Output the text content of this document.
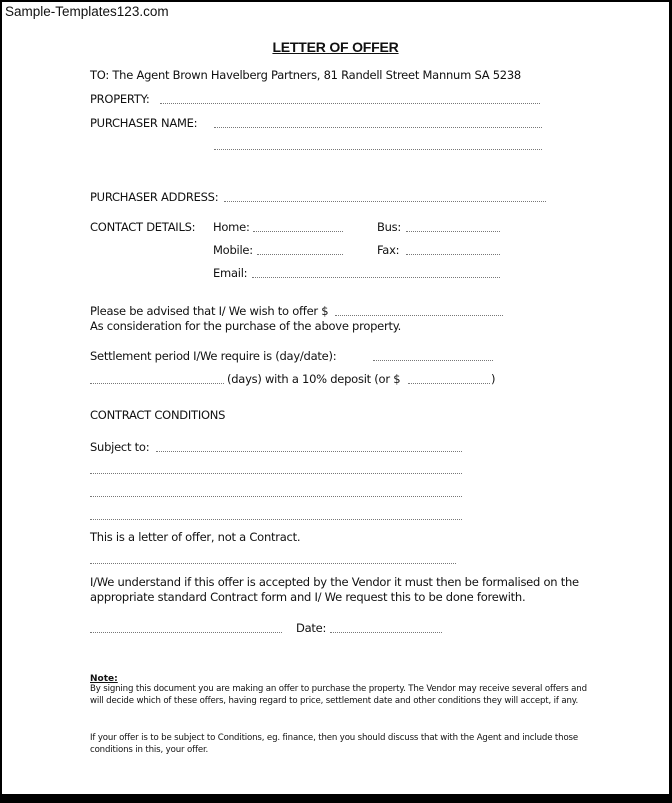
Sample-Templates123.com
LETTER OF OFFER
TO: The Agent Brown Havelberg Partners, 81 Randell Street Mannum SA 5238
PROPERTY:
PURCHASER NAME:
PURCHASER ADDRESS:
CONTACT DETAILS: Home:	Bus:
Mobile:	Fax:
Email:
Please be advised that I/ We wish to offer $
As consideration for the purchase of the above property.
Settlement period I/We require is (day/date):
(days) with a 10% deposit (or $	)
CONTRACT CONDITIONS
Subject to:
This is a letter of offer, not a Contract.
I/We understand if this offer is accepted by the Vendor it must then be formalised on the
appropriate standard Contract form and I/ We request this to be done forewith.
Date:
Note:
By signing this document you are making an offer to purchase the property. The Vendor may receive several offers and will decide which of these offers, having regard to price, settlement date and other conditions they will accept, if any.
If your offer is to be subject to Conditions, eg. finance, then you should discuss that with the Agent and include those conditions in this, your offer.
